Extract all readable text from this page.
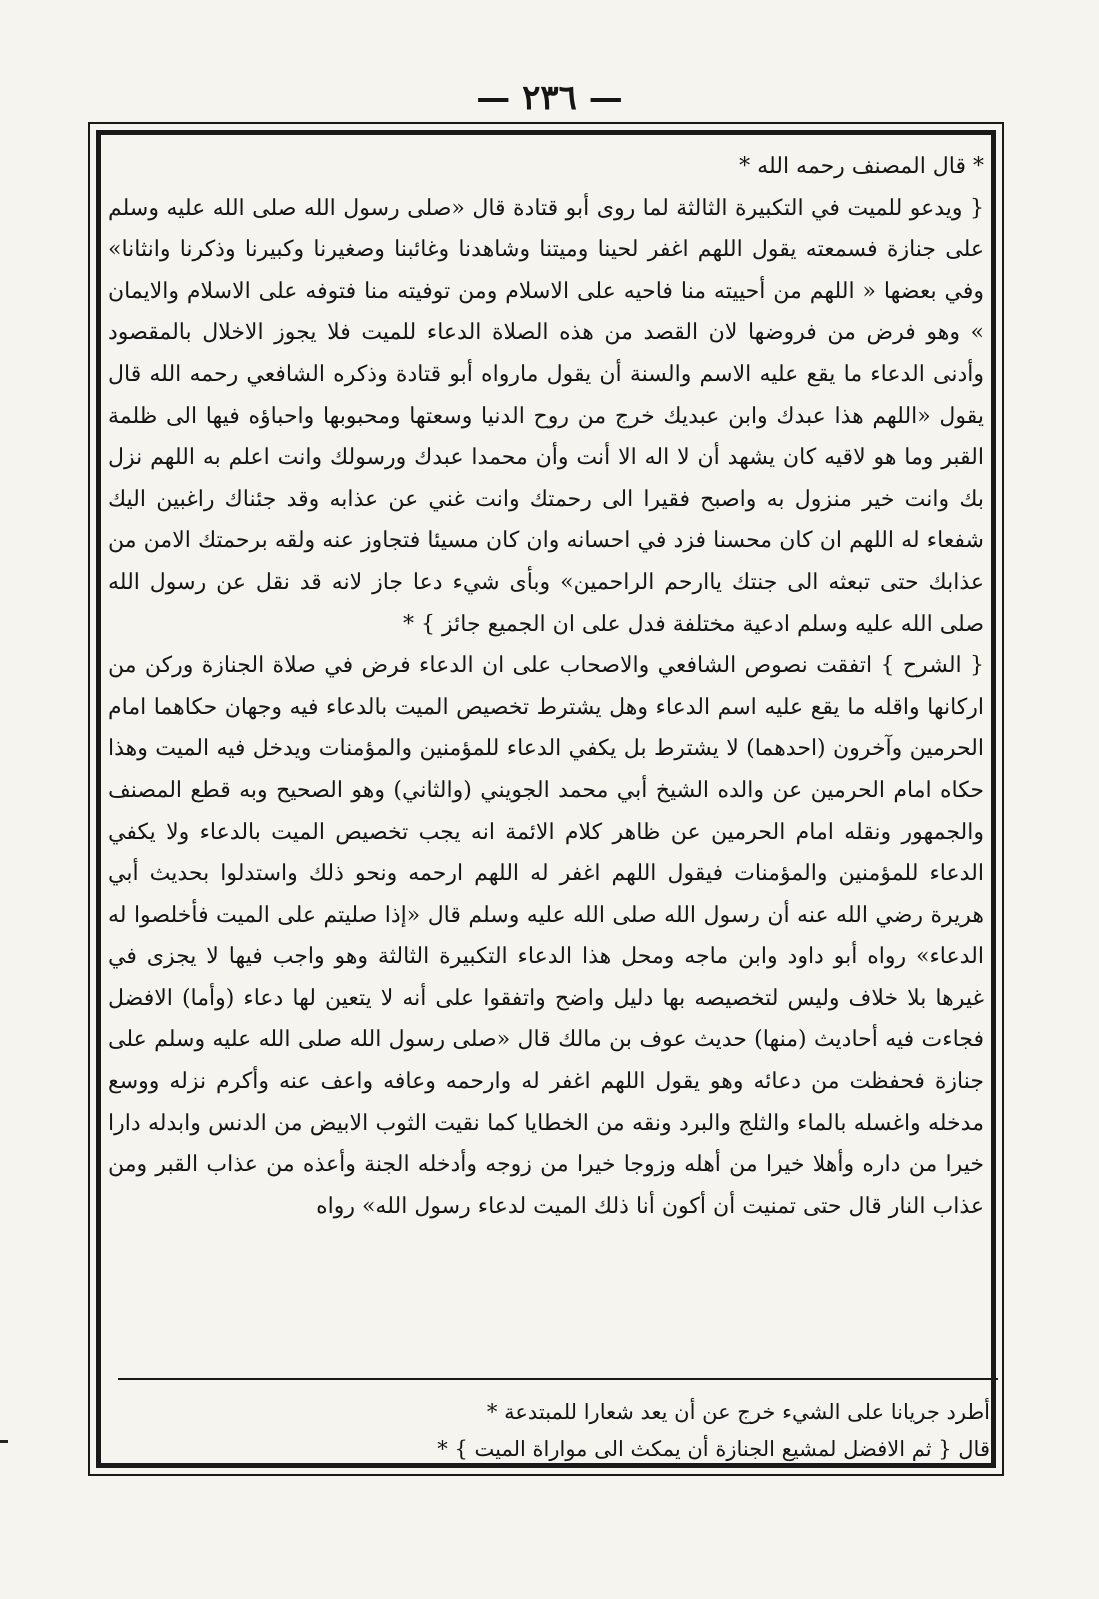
— ٢٣٦ —

* قال المصنف رحمه الله *

{ ويدعو للميت في التكبيرة الثالثة لما روى أبو قتادة قال «صلى رسول الله صلى الله عليه وسلم على جنازة فسمعته يقول اللهم اغفر لحينا وميتنا وشاهدنا وغائبنا وصغيرنا وكبيرنا وذكرنا وانثانا» وفي بعضها « اللهم من أحييته منا فاحيه على الاسلام ومن توفيته منا فتوفه على الاسلام والايمان » وهو فرض من فروضها لان القصد من هذه الصلاة الدعاء للميت فلا يجوز الاخلال بالمقصود وأدنى الدعاء ما يقع عليه الاسم والسنة أن يقول مارواه أبو قتادة وذكره الشافعي رحمه الله قال يقول «اللهم هذا عبدك وابن عبديك خرج من روح الدنيا وسعتها ومحبوبها واحباؤه فيها الى ظلمة القبر وما هو لاقيه كان يشهد أن لا اله الا أنت وأن محمدا عبدك ورسولك وانت اعلم به اللهم نزل بك وانت خير منزول به واصبح فقيرا الى رحمتك وانت غني عن عذابه وقد جئناك راغبين اليك شفعاء له اللهم ان كان محسنا فزد في احسانه وان كان مسيئا فتجاوز عنه ولقه برحمتك الامن من عذابك حتى تبعثه الى جنتك ياارحم الراحمين» وبأى شيء دعا جاز لانه قد نقل عن رسول الله صلى الله عليه وسلم ادعية مختلفة فدل على ان الجميع جائز } *

{ الشرح } اتفقت نصوص الشافعي والاصحاب على ان الدعاء فرض في صلاة الجنازة وركن من اركانها واقله ما يقع عليه اسم الدعاء وهل يشترط تخصيص الميت بالدعاء فيه وجهان حكاهما امام الحرمين وآخرون (احدهما) لا يشترط بل يكفي الدعاء للمؤمنين والمؤمنات ويدخل فيه الميت وهذا حكاه امام الحرمين عن والده الشيخ أبي محمد الجويني (والثاني) وهو الصحيح وبه قطع المصنف والجمهور ونقله امام الحرمين عن ظاهر كلام الائمة انه يجب تخصيص الميت بالدعاء ولا يكفي الدعاء للمؤمنين والمؤمنات فيقول اللهم اغفر له اللهم ارحمه ونحو ذلك واستدلوا بحديث أبي هريرة رضي الله عنه أن رسول الله صلى الله عليه وسلم قال «إذا صليتم على الميت فأخلصوا له الدعاء» رواه أبو داود وابن ماجه ومحل هذا الدعاء التكبيرة الثالثة وهو واجب فيها لا يجزى في غيرها بلا خلاف وليس لتخصيصه بها دليل واضح واتفقوا على أنه لا يتعين لها دعاء (وأما) الافضل فجاءت فيه أحاديث (منها) حديث عوف بن مالك قال «صلى رسول الله صلى الله عليه وسلم على جنازة فحفظت من دعائه وهو يقول اللهم اغفر له وارحمه وعافه واعف عنه وأكرم نزله ووسع مدخله واغسله بالماء والثلج والبرد ونقه من الخطايا كما نقيت الثوب الابيض من الدنس وابدله دارا خيرا من داره وأهلا خيرا من أهله وزوجا خيرا من زوجه وأدخله الجنة وأعذه من عذاب القبر ومن عذاب النار قال حتى تمنيت أن أكون أنا ذلك الميت لدعاء رسول الله» رواه

أطرد جريانا على الشيء خرج عن أن يعد شعارا للمبتدعة *

قال { ثم الافضل لمشيع الجنازة أن يمكث الى مواراة الميت } *
